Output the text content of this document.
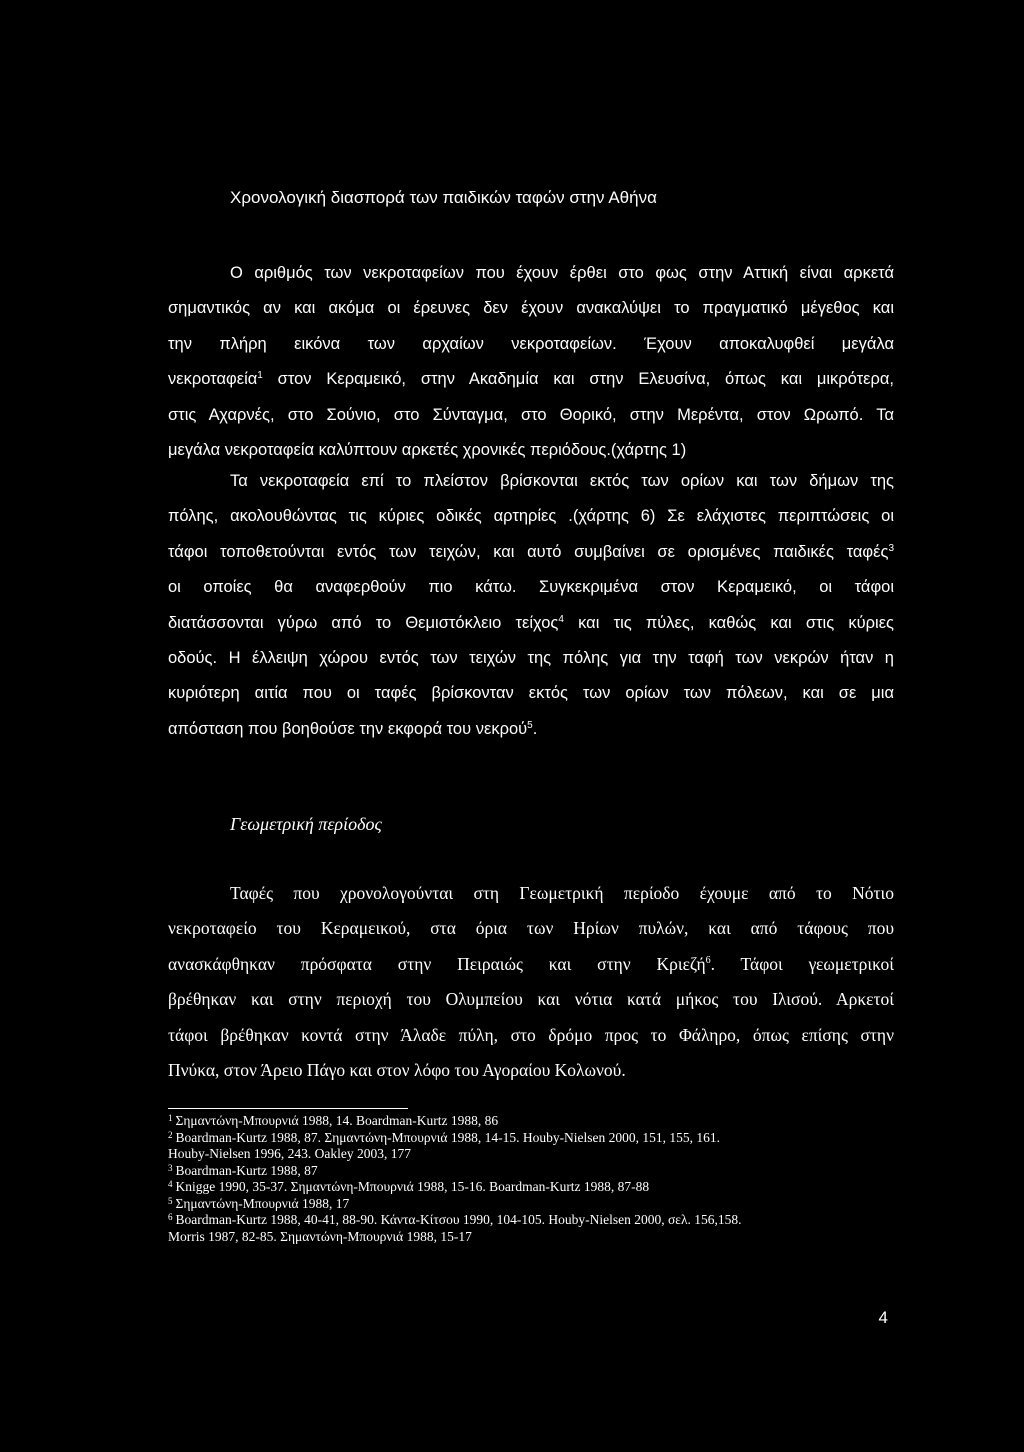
Χρονολογική διασπορά των παιδικών ταφών στην Αθήνα
Ο αριθμός των νεκροταφείων που έχουν έρθει στο φως στην Αττική είναι αρκετά
σημαντικός αν και ακόμα οι έρευνες δεν έχουν ανακαλύψει το πραγματικό μέγεθος και
την πλήρη εικόνα των αρχαίων νεκροταφείων. Έχουν αποκαλυφθεί μεγάλα
νεκροταφεία$^1$ στον Κεραμεικό, στην Ακαδημία και στην Ελευσίνα, όπως και μικρότερα,
στις Αχαρνές, στο Σούνιο, στο Σύνταγμα, στο Θορικό, στην Μερέντα, στον Ωρωπό. Τα
μεγάλα νεκροταφεία καλύπτουν αρκετές χρονικές περιόδους.(χάρτης 1)
Τα νεκροταφεία επί το πλείστον βρίσκονται εκτός των ορίων και των δήμων της
πόλης, ακολουθώντας τις κύριες οδικές αρτηρίες .(χάρτης 6) Σε ελάχιστες περιπτώσεις οι
τάφοι τοποθετούνται εντός των τειχών, και αυτό συμβαίνει σε ορισμένες παιδικές ταφές$^3$
οι οποίες θα αναφερθούν πιο κάτω. Συγκεκριμένα στον Κεραμεικό, οι τάφοι
διατάσσονται γύρω από το Θεμιστόκλειο τείχος$^4$ και τις πύλες, καθώς και στις κύριες
οδούς. Η έλλειψη χώρου εντός των τειχών της πόλης για την ταφή των νεκρών ήταν η
κυριότερη αιτία που οι ταφές βρίσκονταν εκτός των ορίων των πόλεων, και σε μια
απόσταση που βοηθούσε την εκφορά του νεκρού$^5$.
Γεωμετρική περίοδος
Ταφές που χρονολογούνται στη Γεωμετρική περίοδο έχουμε από το Νότιο
νεκροταφείο του Κεραμεικού, στα όρια των Ηρίων πυλών, και από τάφους που
ανασκάφθηκαν πρόσφατα στην Πειραιώς και στην Κριεζή$^6$. Τάφοι γεωμετρικοί
βρέθηκαν και στην περιοχή του Ολυμπείου και νότια κατά μήκος του Ιλισού. Αρκετοί
τάφοι βρέθηκαν κοντά στην Άλαδε πύλη, στο δρόμο προς το Φάληρο, όπως επίσης στην
Πνύκα, στον Άρειο Πάγο και στον λόφο του Αγοραίου Κολωνού.
$^1$ Σημαντώνη-Μπουρνιά 1988, 14. Boardman-Kurtz 1988, 86
$^2$ Boardman-Kurtz 1988, 87. Σημαντώνη-Μπουρνιά 1988, 14-15. Houby-Nielsen 2000, 151, 155, 161.
Houby-Nielsen 1996, 243. Oakley 2003, 177
$^3$ Boardman-Kurtz 1988, 87
$^4$ Knigge 1990, 35-37. Σημαντώνη-Μπουρνιά 1988, 15-16. Boardman-Kurtz 1988, 87-88
$^5$ Σημαντώνη-Μπουρνιά 1988, 17
$^6$ Boardman-Kurtz 1988, 40-41, 88-90. Κάντα-Κίτσου 1990, 104-105. Houby-Nielsen 2000, σελ. 156,158.
Morris 1987, 82-85. Σημαντώνη-Μπουρνιά 1988, 15-17
4
